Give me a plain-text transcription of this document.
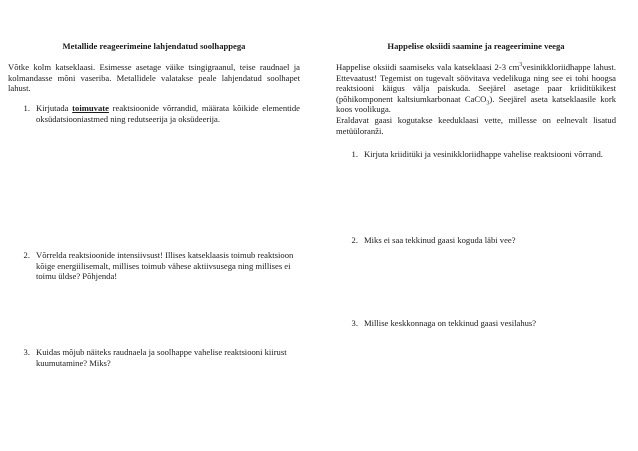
Metallide reageerimeine lahjendatud soolhappega
Võtke kolm katseklaasi. Esimesse asetage väike tsingigraanul, teise raudnael ja kolmandasse mõni vaseriba. Metallidele valatakse peale lahjendatud soolhapet lahust.
1. Kirjutada toimuvate reaktsioonide võrrandid, määrata kõikide elementide oksüdatsiooniastmed ning redutseerija ja oksüdeerija.
2. Võrrelda reaktsioonide intensiivsust! Illises katseklaasis toimub reaktsioon kõige energiilisemalt, millises toimub vähese aktiivsusega ning millises ei toimu üldse? Põhjenda!
3. Kuidas mõjub näiteks raudnaela ja soolhappe vahelise reaktsiooni kiirust kuumutamine? Miks?
Happelise oksiidi saamine ja reageerimine veega
Happelise oksiidi saamiseks vala katseklaasi 2-3 $cm^3vesinikkloriidhappe$ lahust. Ettevaatust! Tegemist on tugevalt söövitava vedelikuga ning see ei tohi hoogsa reaktsiooni käigus välja paiskuda. Seejärel asetage paar kriiditükikest (põhikomponent kaltsiumkarbonaat CaCO$_3$). Seejärel aseta katseklaasile kork koos voolikuga.
Eraldavat gaasi kogutakse keeduklaasi vette, millesse on eelnevalt lisatud metüüloranži.
1. Kirjuta kriiditüki ja vesinikkloriidhappe vahelise reaktsiooni võrrand.
2. Miks ei saa tekkinud gaasi koguda läbi vee?
3. Millise keskkonnaga on tekkinud gaasi vesilahus?
